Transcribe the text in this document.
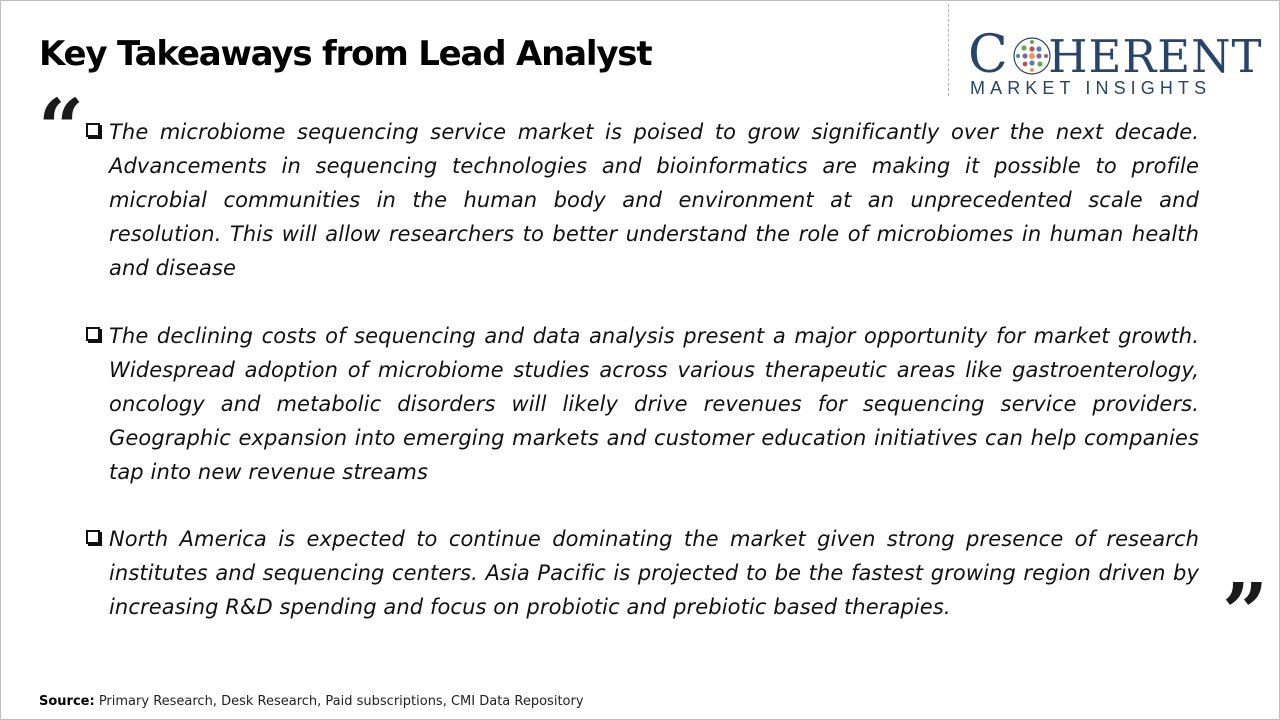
Key Takeaways from Lead Analyst	C HERENT
MARKET INSIGHTS
“
”
The microbiome sequencing service market is poised to grow significantly over the next decade. Advancements in sequencing technologies and bioinformatics are making it possible to profile microbial communities in the human body and environment at an unprecedented scale and resolution. This will allow researchers to better understand the role of microbiomes in human health and disease
The declining costs of sequencing and data analysis present a major opportunity for market growth. Widespread adoption of microbiome studies across various therapeutic areas like gastroenterology, oncology and metabolic disorders will likely drive revenues for sequencing service providers. Geographic expansion into emerging markets and customer education initiatives can help companies tap into new revenue streams
North America is expected to continue dominating the market given strong presence of research institutes and sequencing centers. Asia Pacific is projected to be the fastest growing region driven by increasing R&D spending and focus on probiotic and prebiotic based therapies.
Source: Primary Research, Desk Research, Paid subscriptions, CMI Data Repository
